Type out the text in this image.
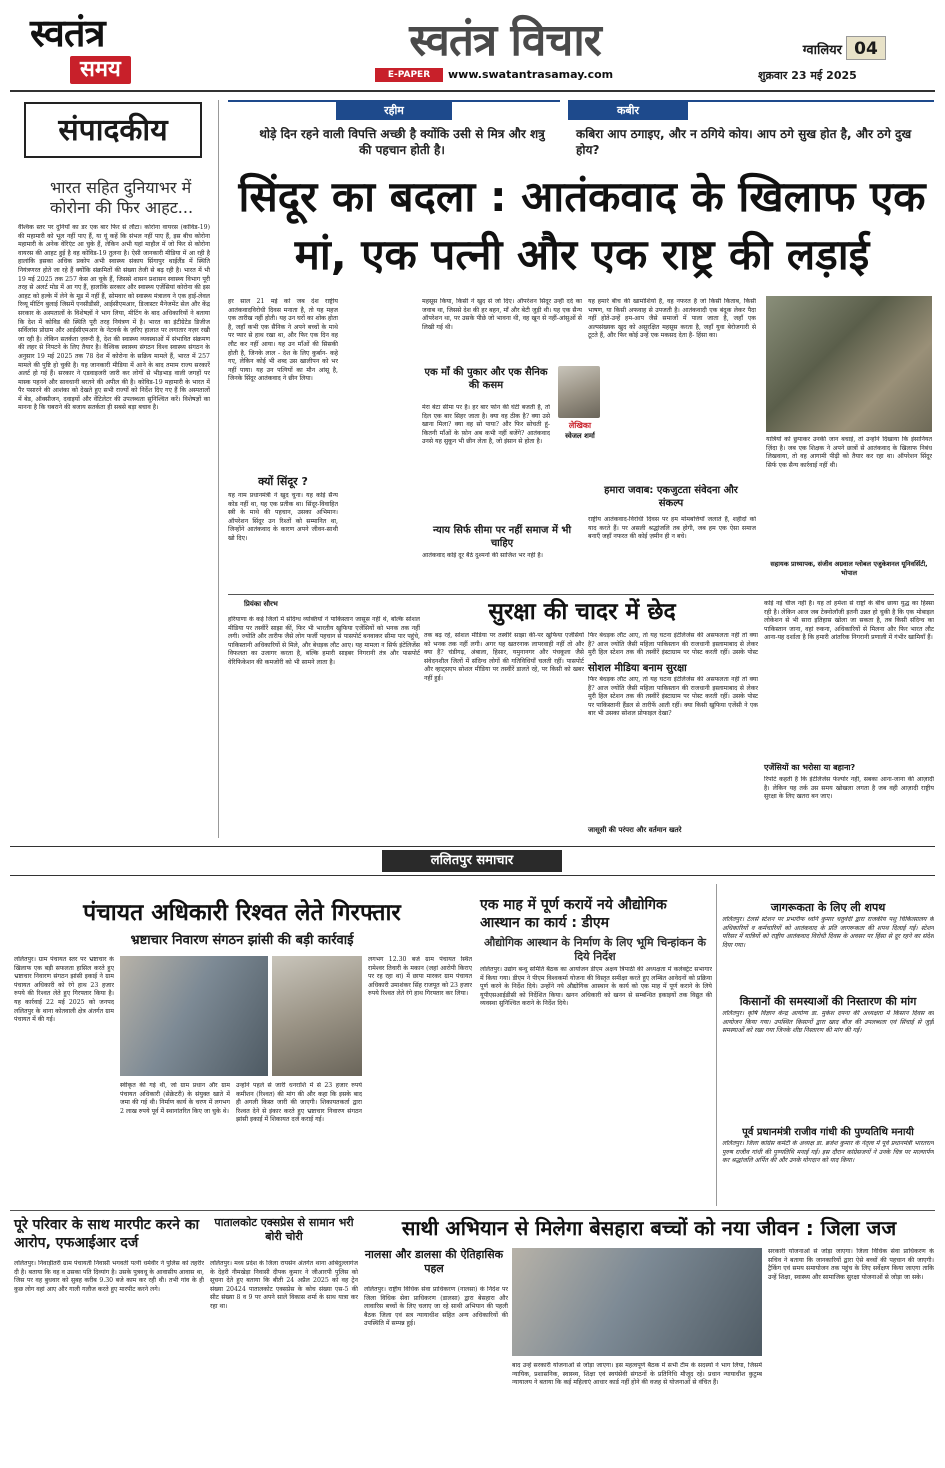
स्वतंत्र
समय
स्वतंत्र विचार
E-PAPER	www.swatantrasamay.com
ग्वालियर 04
शुक्रवार 23 मई 2025
संपादकीय
भारत सहित दुनियाभर में कोरोना की फिर आहट...
वैश्विक स्तर पर दुनियाँ का डर एक बार फिर से लौटा। कोरोना वायरस (कोविड-19) की महामारी को भूल नहीं पाए हैं, या यूं कहें कि संभल नहीं पाए हैं, इस बीच कोरोना महामारी के अनेक वेरिएंट आ चुके हैं, लेकिन अभी यहां माहौल में जो फिर से कोरोना वायरस की आहट हुई है वह कोविड-19 तुलना है। ऐसी जानकारी मीडिया में आ रही है हालांकि इसका अधिक प्रकोप अभी स्वास्थ्य संकाय सिंगापुर थाईलैंड में स्थिति नियंत्रणरत होते जा रहे हैं क्योंकि संक्रमितों की संख्या तेजी से बढ़ रही है। भारत में भी 19 मई 2025 तक 257 केस आ चुके हैं, जिससे शासन प्रशासन स्वास्थ्य विभाग पूरी तरह से अलर्ट मोड में आ गए हैं, हालांकि सरकार और स्वास्थ्य एजेंसियां कोरोना की इस आहट को हल्के में लेने के मूड में नहीं हैं, सोमवार को स्वास्थ्य मंत्रालय ने एक हाई-लेवल रिव्यू मीटिंग बुलाई जिसमें एनसीडीसी, आईसीएमआर, डिजास्टर मैनेजमेंट सेल और केंद्र सरकार के अस्पतालों के विशेषज्ञों ने भाग लिया, मीटिंग के बाद अधिकारियों ने बताया कि देश में कोविड की स्थिति पूरी तरह नियंत्रण में है। भारत का इंटीग्रेटेड डिजीज सर्विलांस प्रोग्राम और आईसीएमआर के नेटवर्क के ज़रिए हालात पर लगातार नज़र रखी जा रही है। लेकिन सतर्कता ज़रूरी है, देश की स्वास्थ्य व्यवस्थाओं में संभावित संक्रमण की लहर से निपटने के लिए तैयार है। वैश्विक स्वास्थ्य संगठन विश्व स्वास्थ्य संगठन के अनुसार 19 मई 2025 तक 78 देश में कोरोना के सक्रिय मामले हैं, भारत में 257 मामले की पुष्टि हो चुकी है। यह जानकारी मीडिया में आने के बाद तमाम राज्य सरकारें अलर्ट हो गई हैं। सरकार ने एडवाइजरी जारी कर लोगों से भीड़भाड़ वाली जगहों पर मास्क पहनने और सावधानी बरतने की अपील की है। कोविड-19 महामारी के भारत में पैर पसारने की आशंका को देखते हुए सभी राज्यों को निर्देश दिए गए हैं कि अस्पतालों में बेड, ऑक्सीजन, दवाइयों और वेंटिलेटर की उपलब्धता सुनिश्चित करें। विशेषज्ञों का मानना है कि घबराने की बजाय सतर्कता ही सबसे बड़ा बचाव है।
रहीम
थोड़े दिन रहने वाली विपत्ति अच्छी है क्योंकि उसी से मित्र और शत्रु की पहचान होती है।
कबीर
कबिरा आप ठगाइए, और न ठगिये कोय। आप ठगे सुख होत है, और ठगे दुख होय?
सिंदूर का बदला : आतंकवाद के खिलाफ एक
मां, एक पत्नी और एक राष्ट्र की लड़ाई
हर साल 21 मई को जब देश राष्ट्रीय आतंकवादविरोधी दिवस मनाता है, तो यह महज एक तारीख नहीं होती। यह उन घरों का शोक होता है, जहाँ कभी एक सैनिक ने अपने बच्चों के माथे पर प्यार से हाथ रखा था, और फिर एक दिन वह लौट कर नहीं आया। यह उन माँओं की सिसकी होती है, जिनके लाल - देश के लिए कुर्बान- कहे गए, लेकिन कोई भी शब्द उस खालीपन को भर नहीं पाया। यह उन पत्नियों का मौन आंसू है, जिनके सिंदूर आतंकवाद ने छीन लिया।
क्यों सिंदूर ?
यह नाम प्रधानमंत्री ने खुद चुना। यह कोई सैन्य कोड नहीं था, यह एक प्रतीक था। सिंदूर-विवाहित स्त्री के माथे की पहचान, उसका अभिमान। ऑपरेशन सिंदूर उन रिश्तों को सम्मानित था, जिन्होंने आतंकवाद के कारण अपने जीवन-साथी खो दिए।
महसूस किया, किसी ने खुद से जो दिए। ऑपरेशन सिंदूर उन्हीं दर्द का जवाब था, जिससे देश की हर बहन, माँ और बेटी जुड़ी थी। यह एक सैन्य ऑपरेशन था, पर उसके पीछे जो भावना थी, वह खून से नहीं-आंसुओं से लिखी गई थी।
एक माँ की पुकार और एक सैनिक की कसम
मेरा बेटा सीमा पर है। हर बार फोन की घंटी बजती है, तो दिल एक बार सिहर जाता है। क्या वह ठीक है? क्या उसे खाना मिला? क्या वह सो पाया? और फिर सोचती हूं- कितनी माँओं के फ़ोन अब कभी नहीं बजेंगे? आतंकवाद उनसे यह सुकून भी छीन लेता है, जो इंसान से होता है।
न्याय सिर्फ सीमा पर नहीं समाज में भी चाहिए
आतंकवाद कोई दूर बैठे दुश्मनों की साजिश भर नहीं है।
लेखिका
स्वेजल शर्मा
यह हमारे बीच की खामोशियों है, वह नफरत है जो किसी किताब, किसी भाषण, या किसी अफवाह से उपजती है। आतंकवादी एक बंदूक लेकर पैदा नहीं होते-उन्हें हम-आप जैसे समाजों में पाला जाता है, जहाँ एक अल्पसंख्यक खुद को असुरक्षित महसूस करता है, जहाँ युवा बेरोजगारी से टूटते हैं, और फिर कोई उन्हें एक मकसद देता है- हिंसा का।
हमारा जवाब: एकजुटता संवेदना और संकल्प
राष्ट्रीय आतंकवाद-विरोधी दिवस पर हम मोमबत्तियाँ जलाते हैं, शहीदों को याद करते हैं। पर असली श्रद्धांजलि तब होगी, जब हम एक ऐसा समाज बनाएँ जहाँ नफरत की कोई ज़मीन ही न बचे।
यात्रियों को छुपाकर उनकी जान बचाई, तो उन्होंने दिखाया कि इंसानियत ज़िंदा है। जब एक शिक्षक ने अपने छात्रों से आतंकवाद के खिलाफ निबंध लिखवाया, तो वह आगामी पीढ़ी को तैयार कर रहा था। ऑपरेशन सिंदूर सिर्फ एक सैन्य कार्रवाई नहीं थी।
सहायक प्राध्यापक, संजीव अग्रवाल ग्लोबल एजुकेशनल यूनिवर्सिटी, भोपाल
प्रियंका सौरभ	सुरक्षा की चादर में छेद
हरियाणा के कई जिलों में संदिग्ध व्यक्तियों ने पाकिस्तान जासूस नहीं थे, बल्कि सोशल मीडिया पर तस्वीरें साझा कीं, फिर भी भारतीय खुफिया एजेंसियों को भनक तक नहीं लगी। ज्योति और तारीफ जैसे लोग फर्जी पहचान से पासपोर्ट बनवाकर सीमा पार पहुंचे, पाकिस्तानी अधिकारियों से मिले, और बेधड़क लौट आए। यह मामला न सिर्फ इंटेलिजेंस विफलता का उजागर करता है, बल्कि हमारी साइबर निगरानी तंत्र और पासपोर्ट वेरिफिकेशन की कमजोरी को भी सामने लाता है।
तक बढ़ रहे, सोशल मीडिया पर तस्वीरें साझा कीं-पर खुफिया एजेंसियों को भनक तक नहीं लगी। अगर यह खतरनाक लापरवाही नहीं तो और क्या है? चंडीगढ़, अंबाला, हिसार, यमुनानगर और पंचकूला जैसे संवेदनशील जिलों में संदिग्ध लोगों की गतिविधियाँ चलती रहीं। पासपोर्ट और व्हाट्सएप सोशल मीडिया पर तस्वीरें डालते रहे, पर किसी को खबर नहीं हुई।
फिर बेधड़क लौट आए, तो यह घटना इंटेलिजेंस की असफलता नहीं तो क्या है? आज ज्योति जैसी महिला पाकिस्तान की राजधानी इस्लामाबाद से लेकर मुरी हिल स्टेशन तक की तस्वीरें इंस्टाग्राम पर पोस्ट करती रहीं। उसके पोस्ट
सोशल मीडिया बनाम सुरक्षा
फिर बेधड़क लौट आए, तो यह घटना इंटेलिजेंस की असफलता नहीं तो क्या है? आज ज्योति जैसी महिला पाकिस्तान की राजधानी इस्लामाबाद से लेकर मुरी हिल स्टेशन तक की तस्वीरें इंस्टाग्राम पर पोस्ट करती रहीं। उसके पोस्ट पर पाकिस्तानी हैंडल से तारीफें आती रहीं। क्या किसी खुफिया एजेंसी ने एक बार भी उसका सोशल प्रोफाइल देखा?
जासूसी की परंपरा और वर्तमान खतरे
कोई नई चीज नहीं है। यह तो हमेशा से राष्ट्रों के बीच छाया युद्ध का हिस्सा रही है। लेकिन आज जब टेक्नोलॉजी इतनी उन्नत हो चुकी है कि एक मोबाइल लोकेशन से भी सारा इतिहास खोला जा सकता है, तब किसी संदिग्ध का पाकिस्तान जाना, वहां रुकना, अधिकारियों से मिलना और फिर भारत लौट आना-यह दर्शाता है कि हमारी आंतरिक निगरानी प्रणाली में गंभीर खामियाँ हैं।
एजेंसियों का भरोसा या बहाना?
रिपोर्ट कहती है कि इंटेलिजेंस फेल्योर नहीं, सबका आना-जाना की आज़ादी है। लेकिन यह तर्क उस समय खोखला लगता है जब वही आज़ादी राष्ट्रीय सुरक्षा के लिए खतरा बन जाए।
ललितपुर समाचार
पंचायत अधिकारी रिश्वत लेते गिरफ्तार
भ्रष्टाचार निवारण संगठन झांसी की बड़ी कार्रवाई
ललितपुर। ग्राम पंचायत स्तर पर भ्रष्टाचार के खिलाफ एक बड़ी सफलता हासिल करते हुए भ्रष्टाचार निवारण संगठन झांसी इकाई ने ग्राम पंचायत अधिकारी को रंगे हाथ 23 हजार रुपये की रिश्वत लेते हुए गिरफ्तार किया है। यह कार्रवाई 22 मई 2025 को जनपद ललितपुर के थाना कोतवाली क्षेत्र अंतर्गत ग्राम पंचायत में की गई।
स्वीकृत की गई थी, जो ग्राम प्रधान और ग्राम पंचायत अधिकारी (सेक्रेटरी) के संयुक्त खाते में जमा की गई थी। निर्माण कार्य के चरण में लगभग 2 लाख रुपये पूर्व में स्थानांतरित किए जा चुके थे।
उन्होंने पहले से जारी धनराशि में से 23 हजार रुपये कमीशन (रिश्वत) की मांग की और कहा कि इसके बाद ही अगली किस्त जारी की जाएगी। शिकायतकर्ता द्वारा रिश्वत देने से इंकार करते हुए भ्रष्टाचार निवारण संगठन झांसी इकाई में शिकायत दर्ज कराई गई।
लगभग 12.30 बजे ग्राम पंचायत स्थित रामेश्वर तिवारी के मकान (जहां आरोपी किराए पर रह रहा था) में छापा मारकर ग्राम पंचायत अधिकारी उमाशंकर सिंह राजपूत को 23 हजार रुपये रिश्वत लेते रंगे हाथ गिरफ्तार कर लिया।
एक माह में पूर्ण करायें नये औद्योगिक आस्थान का कार्य : डीएम
औद्योगिक आस्थान के निर्माण के लिए भूमि चिन्हांकन के दिये निर्देश
ललितपुर। उद्योग बन्धु समिति बैठक का आयोजन डीएम अक्षय त्रिपाठी की अध्यक्षता में कलेक्ट्रेट सभागार में किया गया। डीएम ने पीएम विश्वकर्मा योजना की विस्तृत समीक्षा करते हुए लम्बित आवेदनों को प्रक्रिया पूर्ण करने के निर्देश दिये। उन्होंने नये औद्योगिक आस्थान के कार्य को एक माह में पूर्ण कराने के लिये यूपीएसआईडीसी को निर्देशित किया। खनन अधिकारी को खनन से सम्बन्धित इकाइयों तक विद्युत की व्यवस्था सुनिश्चित कराने के निर्देश दिये।
जागरूकता के लिए ली शपथ
ललितपुर। टेलर्स स्टेशन पर प्रभारीफ ध्वनि कुमार चतुर्वेदी द्वारा राजकीय पशु चिकित्सालय के अधिकारियों व कर्मचारियों को आतंकवाद के प्रति जागरूकता की शपथ दिलाई गई। स्टेशन परिसर में यात्रियों को राष्ट्रीय आतंकवाद विरोधी दिवस के अवसर पर हिंसा से दूर रहने का संदेश दिया गया।
किसानों की समस्याओं की निस्तारण की मांग
ललितपुर। कृषि विज्ञान केन्द्र आयोग्य डा. मुकेश दफ्ना की अध्यक्षता में किसान दिवस का आयोजन किया गया। उपस्थित किसानों द्वारा खाद बीज की उपलब्धता एवं सिंचाई से जुड़ी समस्याओं को रखा गया जिनके शीघ्र निस्तारण की मांग की गई।
पूर्व प्रधानमंत्री राजीव गांधी की पुण्यतिथि मनायी
ललितपुर। जिला कांग्रेस कमेटी के अध्यक्ष डा. ब्रजेश कुमार के नेतृत्व में पूर्व प्रधानमंत्री भारतरत्न पुरुष राजीव गांधी की पुण्यतिथि मनाई गई। इस दौरान कांग्रेसजनों ने उनके चित्र पर माल्यार्पण कर श्रद्धांजलि अर्पित की और उनके योगदान को याद किया।
पूरे परिवार के साथ मारपीट करने का आरोप, एफआईआर दर्ज
ललितपुर। निवाड़ीतरी ग्राम पंचायती निवासी भगवती पत्नी धर्मवीर ने पुलिस को तहरीर दी है। बताया कि वह व उसका पति दिव्यांग है। उसके पुत्रवधू के आवासीय आवास था, जिस पर वह बुधवार को सुबह करीब 9.30 बजे काम कर रही थी। तभी गांव के ही कुछ लोग वहां आए और गाली गलौज करते हुए मारपीट करने लगे।
पातालकोट एक्सप्रेस से सामान भरी बोरी चोरी
ललितपुर। मध्य प्रदेश के जिला रायसेन अंतर्गत थाना ओबेदुल्लागंज के देहरी नीमखेड़ा निवासी दीपक कुमार ने जीआरपी पुलिस को सूचना देते हुए बताया कि बीती 24 अप्रैल 2025 को वह ट्रेन संख्या 20424 पातालकोट एक्सप्रेस के कोच संख्या एस-5 की सीट संख्या 8 व 9 पर अपने साले विकास शर्मा के साथ यात्रा कर रहा था।
साथी अभियान से मिलेगा बेसहारा बच्चों को नया जीवन : जिला जज
नालसा और डालसा की ऐतिहासिक पहल
ललितपुर। राष्ट्रीय विधिक सेवा प्राधिकरण (नालसा) के निर्देश पर जिला विधिक सेवा प्राधिकरण (डालसा) द्वारा बेसहारा और लावारिस बच्चों के लिए चलाए जा रहे साथी अभियान की पहली बैठक जिला एवं सत्र न्यायाधीश सहित अन्य अधिकारियों की उपस्थिति में सम्पन्न हुई।
बाद उन्हें सरकारी योजनाओं से जोड़ा जाएगा। इस महत्वपूर्ण बैठक में सभी टीम के सदस्यों ने भाग लिया, जिसमें न्यायिक, प्रशासनिक, स्वास्थ्य, शिक्षा एवं स्वयंसेवी संगठनों के प्रतिनिधि मौजूद रहे। प्रधान न्यायाधीश कुटुम्ब न्यायालय ने बताया कि कई महिलाएं आधार कार्ड नहीं होने की वजह से योजनाओं से वंचित हैं।
सरकारी योजनाओं से जोड़ा जाएगा। जिला विधिक सेवा प्राधिकरण के सचिव ने बताया कि जानकारियों द्वारा ऐसे बच्चों की पहचान की जाएगी। ट्रैकिंग एवं समय समायोजन तक पहुंच के लिए सर्वेक्षण किया जाएगा ताकि उन्हें शिक्षा, स्वास्थ्य और सामाजिक सुरक्षा योजनाओं से जोड़ा जा सके।
